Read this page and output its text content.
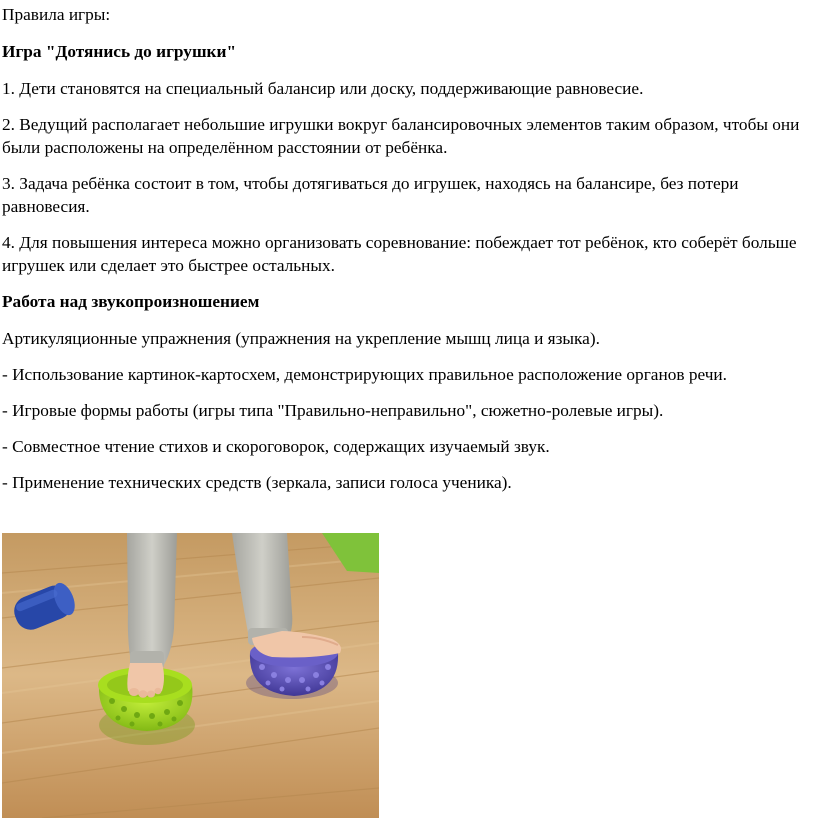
Правила игры:

Игра "Дотянись до игрушки"

1. Дети становятся на специальный балансир или доску, поддерживающие равновесие.

2. Ведущий располагает небольшие игрушки вокруг балансировочных элементов таким образом, чтобы они были расположены на определённом расстоянии от ребёнка.

3. Задача ребёнка состоит в том, чтобы дотягиваться до игрушек, находясь на балансире, без потери равновесия.

4. Для повышения интереса можно организовать соревнование: побеждает тот ребёнок, кто соберёт больше игрушек или сделает это быстрее остальных.

Работа над звукопроизношением

Артикуляционные упражнения (упражнения на укрепление мышц лица и языка).

- Использование картинок-картосхем, демонстрирующих правильное расположение органов речи.

- Игровые формы работы (игры типа "Правильно-неправильно", сюжетно-ролевые игры).

- Совместное чтение стихов и скороговорок, содержащих изучаемый звук.

- Применение технических средств (зеркала, записи голоса ученика).
